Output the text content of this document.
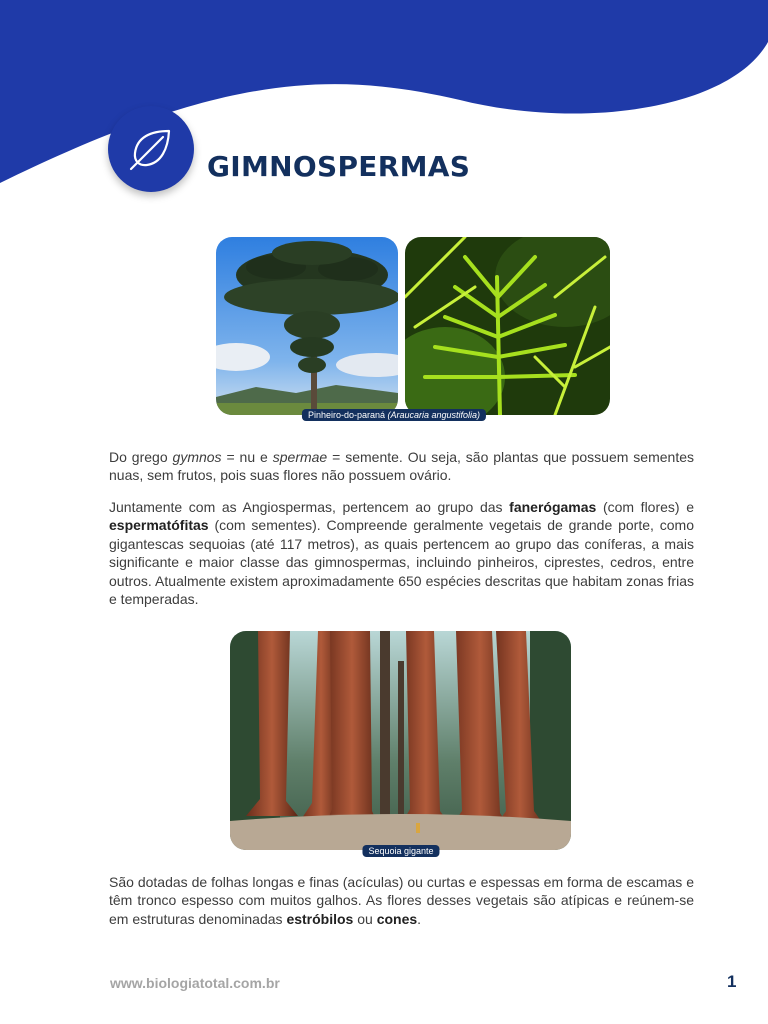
GIMNOSPERMAS
Pinheiro-do-paraná (Araucaria angustifolia)

Do grego gymnos = nu e spermae = semente. Ou seja, são plantas que possuem sementes nuas, sem frutos, pois suas flores não possuem ovário.

Juntamente com as Angiospermas, pertencem ao grupo das fanerógamas (com flores) e espermatófitas (com sementes). Compreende geralmente vegetais de grande porte, como gigantescas sequoias (até 117 metros), as quais pertencem ao grupo das coníferas, a mais significante e maior classe das gimnospermas, incluindo pinheiros, ciprestes, cedros, entre outros. Atualmente existem aproximadamente 650 espécies descritas que habitam zonas frias e temperadas.

Sequoia gigante

São dotadas de folhas longas e finas (acículas) ou curtas e espessas em forma de escamas e têm tronco espesso com muitos galhos. As flores desses vegetais são atípicas e reúnem-se em estruturas denominadas estróbilos ou cones.

www.biologiatotal.com.br	1
